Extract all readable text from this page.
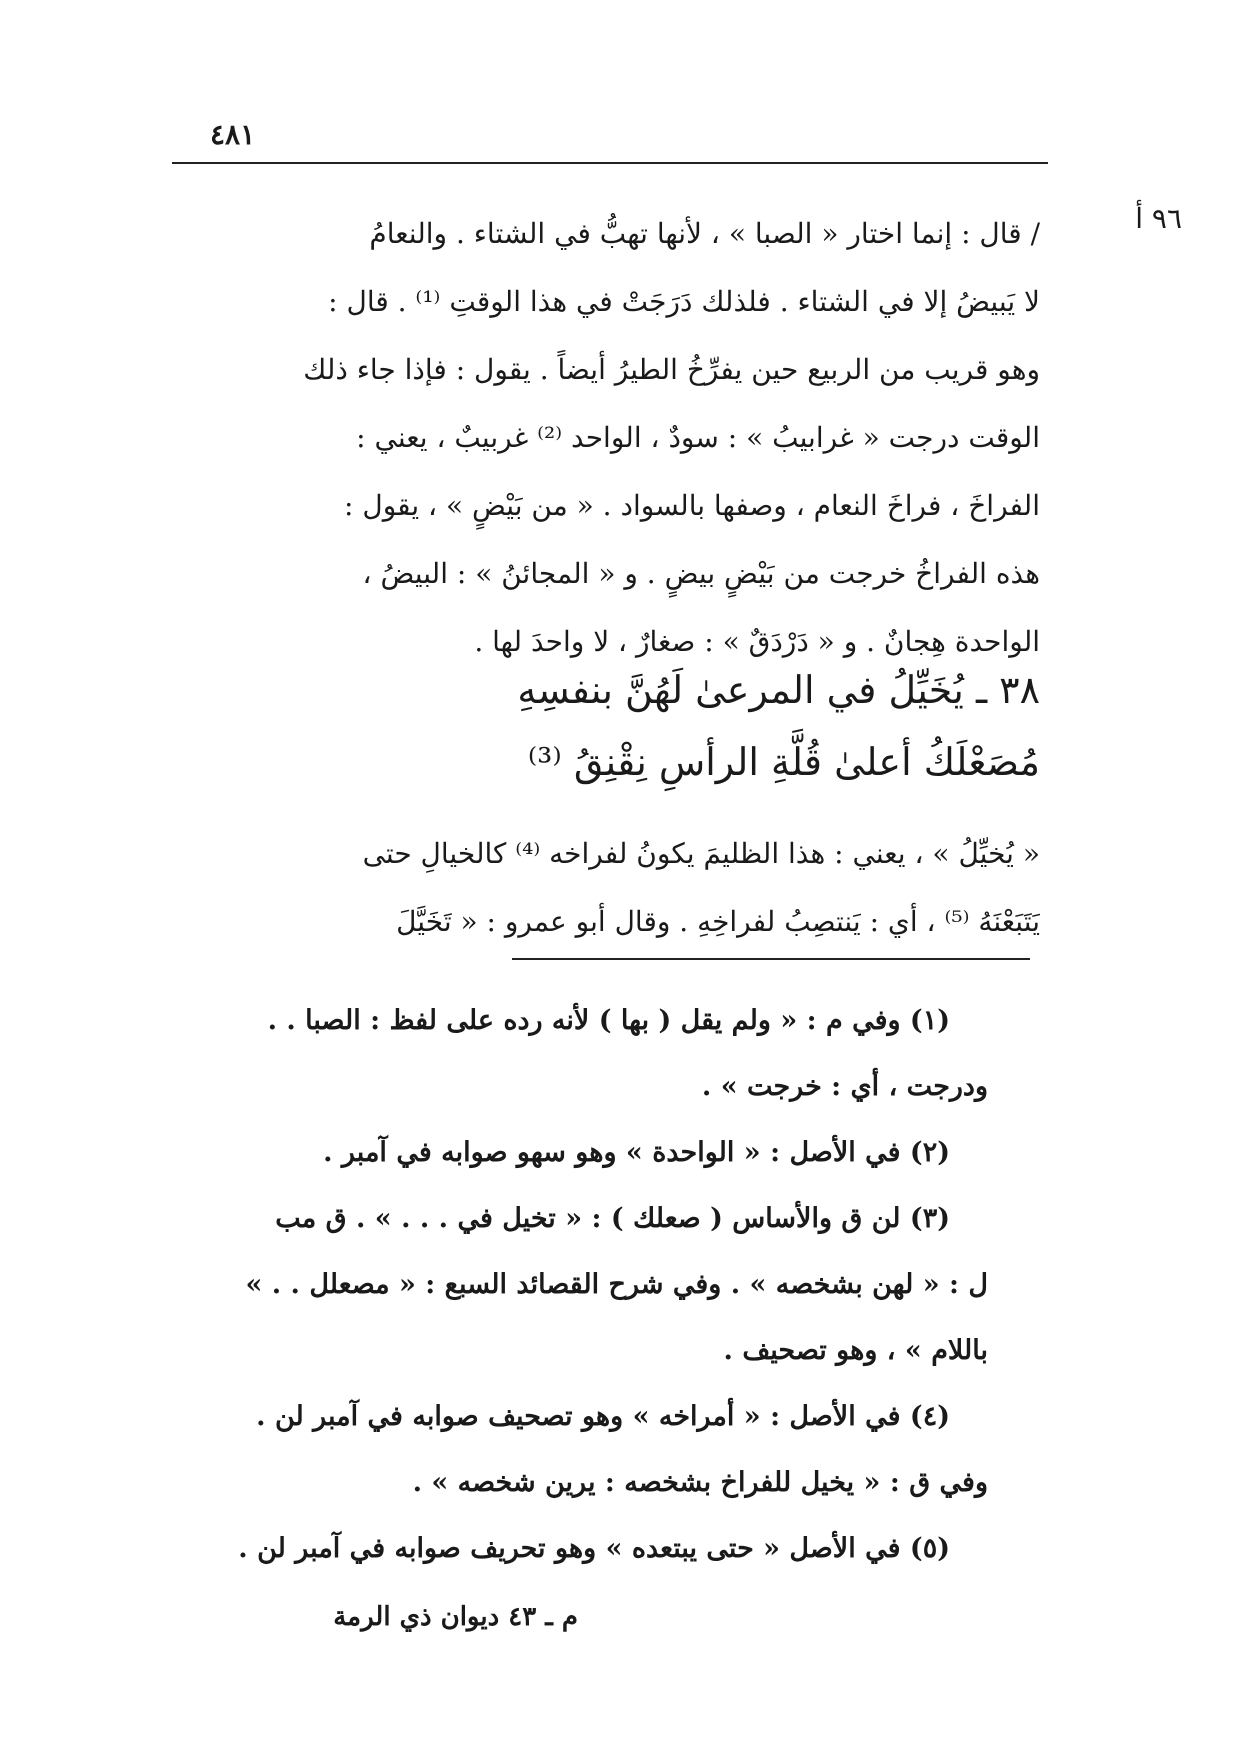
٤٨١
٩٦ أ
/ قال : إنما اختار « الصبا » ، لأنها تهبُّ في الشتاء . والنعامُ
لا يَبيضُ إلا في الشتاء . فلذلك دَرَجَتْ في هذا الوقتِ ⁽¹⁾ . قال :
وهو قريب من الربيع حين يفرِّخُ الطيرُ أيضاً . يقول : فإذا جاء ذلك
الوقت درجت « غرابيبُ » : سودٌ ، الواحد ⁽²⁾ غربيبٌ ، يعني :
الفراخَ ، فراخَ النعام ، وصفها بالسواد . « من بَيْضٍ » ، يقول :
هذه الفراخُ خرجت من بَيْضٍ بيضٍ . و « المجائنُ » : البيضُ ،
الواحدة هِجانٌ . و « دَرْدَقٌ » : صغارٌ ، لا واحدَ لها .
٣٨ ـ يُخَيِّلُ في المرعىٰ لَهُنَّ بنفسِهِ
مُصَعْلَكُ أعلىٰ قُلَّةِ الرأسِ نِقْنِقُ ⁽³⁾
« يُخيِّلُ » ، يعني : هذا الظليمَ يكونُ لفراخه ⁽⁴⁾ كالخيالِ حتى
يَتَبَعْنَهُ ⁽⁵⁾ ، أي : يَنتصِبُ لفراخِهِ . وقال أبو عمرو : « تَخَيَّلَ
(١) وفي م : « ولم يقل ( بها ) لأنه رده على لفظ : الصبا . .
ودرجت ، أي : خرجت » .
(٢) في الأصل : « الواحدة » وهو سهو صوابه في آمبر .
(٣) لن ق والأساس ( صعلك ) : « تخيل في . . . » . ق مب
ل : « لهن بشخصه » . وفي شرح القصائد السبع : « مصعلل . . »
باللام » ، وهو تصحيف .
(٤) في الأصل : « أمراخه » وهو تصحيف صوابه في آمبر لن .
وفي ق : « يخيل للفراخ بشخصه : يرين شخصه » .
(٥) في الأصل « حتى يبتعده » وهو تحريف صوابه في آمبر لن .
م ـ ٤٣ ديوان ذي الرمة
